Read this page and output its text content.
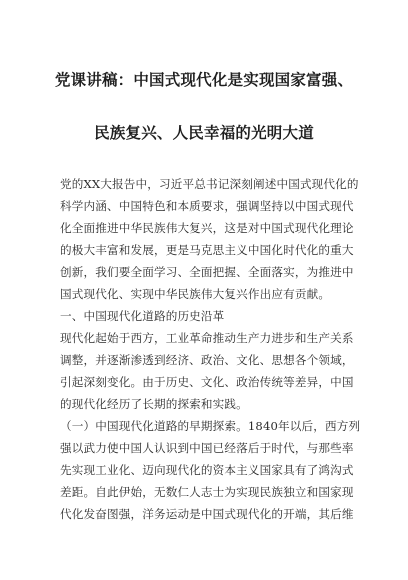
党课讲稿：中国式现代化是实现国家富强、
民族复兴、人民幸福的光明大道
党的XX大报告中，习近平总书记深刻阐述中国式现代化的
科学内涵、中国特色和本质要求，强调坚持以中国式现代
化全面推进中华民族伟大复兴，这是对中国式现代化理论
的极大丰富和发展，更是马克思主义中国化时代化的重大
创新，我们要全面学习、全面把握、全面落实，为推进中
国式现代化、实现中华民族伟大复兴作出应有贡献。
一、中国现代化道路的历史沿革
现代化起始于西方，工业革命推动生产力进步和生产关系
调整，并逐渐渗透到经济、政治、文化、思想各个领域，
引起深刻变化。由于历史、文化、政治传统等差异，中国
的现代化经历了长期的探索和实践。
（一）中国现代化道路的早期探索。1840年以后，西方列
强以武力使中国人认识到中国已经落后于时代，与那些率
先实现工业化、迈向现代化的资本主义国家具有了鸿沟式
差距。自此伊始，无数仁人志士为实现民族独立和国家现
代化发奋图强，洋务运动是中国式现代化的开端，其后维
